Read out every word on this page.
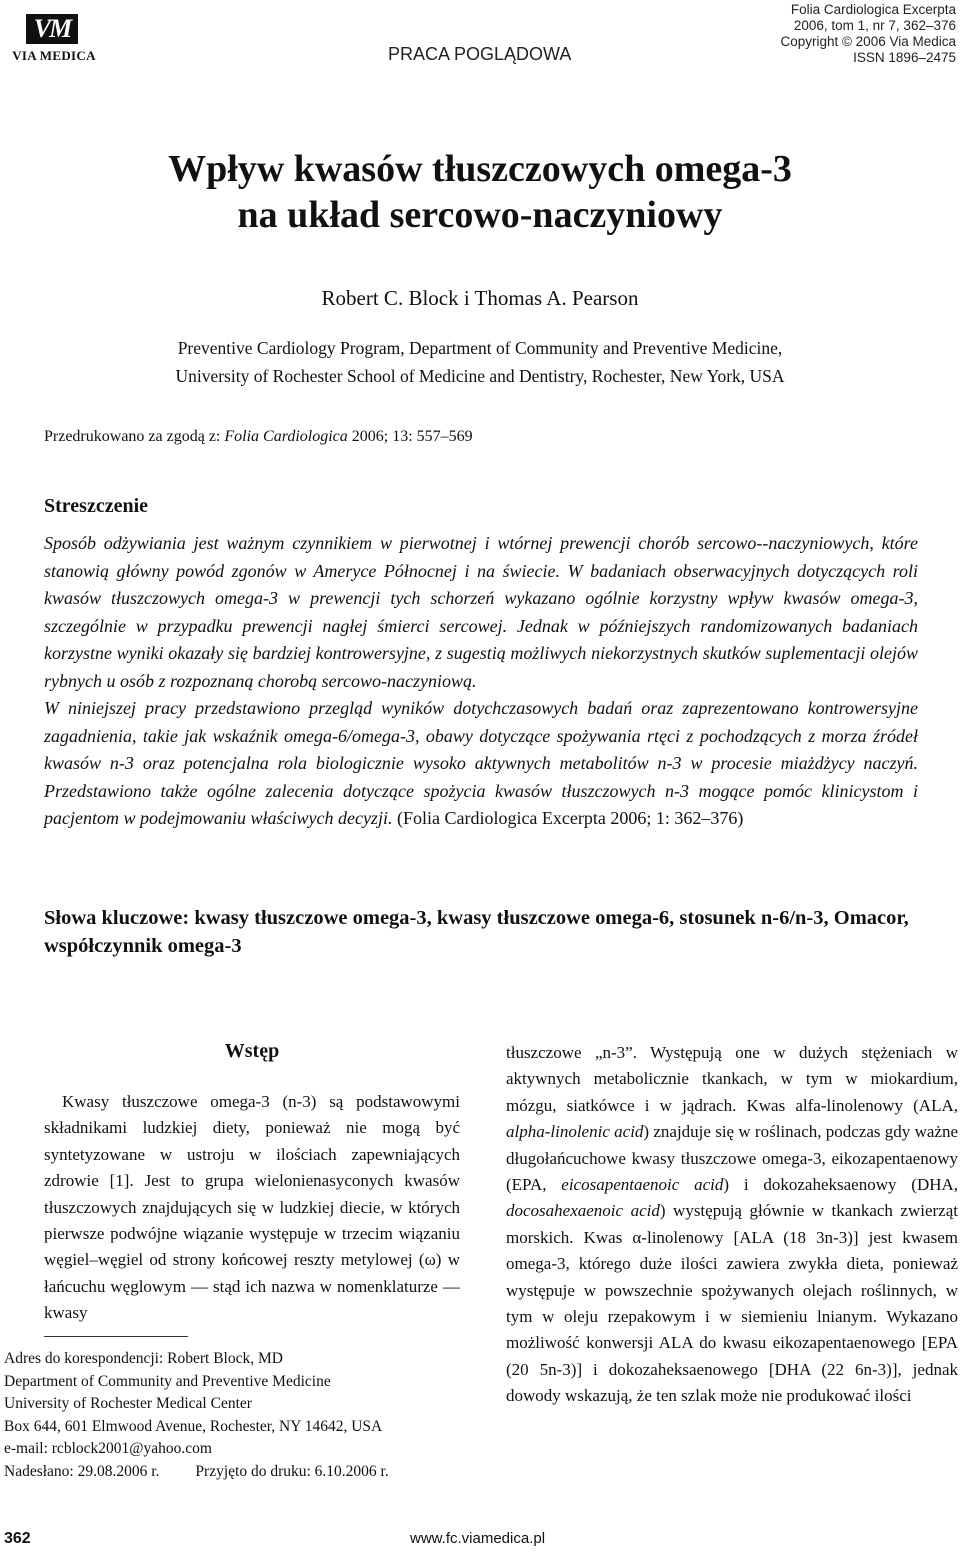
VM
VIA MEDICA	PRACA POGLĄDOWA
Folia Cardiologica Excerpta
2006, tom 1, nr 7, 362–376
Copyright © 2006 Via Medica
ISSN 1896–2475
Wpływ kwasów tłuszczowych omega-3
na układ sercowo-naczyniowy
Robert C. Block i Thomas A. Pearson
Preventive Cardiology Program, Department of Community and Preventive Medicine,
University of Rochester School of Medicine and Dentistry, Rochester, New York, USA
Przedrukowano za zgodą z: Folia Cardiologica 2006; 13: 557–569
Streszczenie

Sposób odżywiania jest ważnym czynnikiem w pierwotnej i wtórnej prewencji chorób sercowo--naczyniowych, które stanowią główny powód zgonów w Ameryce Północnej i na świecie. W badaniach obserwacyjnych dotyczących roli kwasów tłuszczowych omega-3 w prewencji tych schorzeń wykazano ogólnie korzystny wpływ kwasów omega-3, szczególnie w przypadku prewencji nagłej śmierci sercowej. Jednak w późniejszych randomizowanych badaniach korzystne wyniki okazały się bardziej kontrowersyjne, z sugestią możliwych niekorzystnych skutków suplementacji olejów rybnych u osób z rozpoznaną chorobą sercowo-naczyniową.

W niniejszej pracy przedstawiono przegląd wyników dotychczasowych badań oraz zaprezentowano kontrowersyjne zagadnienia, takie jak wskaźnik omega-6/omega-3, obawy dotyczące spożywania rtęci z pochodzących z morza źródeł kwasów n-3 oraz potencjalna rola biologicznie wysoko aktywnych metabolitów n-3 w procesie miażdżycy naczyń. Przedstawiono także ogólne zalecenia dotyczące spożycia kwasów tłuszczowych n-3 mogące pomóc klinicystom i pacjentom w podejmowaniu właściwych decyzji. (Folia Cardiologica Excerpta 2006; 1: 362–376)

Słowa kluczowe: kwasy tłuszczowe omega-3, kwasy tłuszczowe omega-6, stosunek n-6/n-3, Omacor, współczynnik omega-3
Wstęp

Kwasy tłuszczowe omega-3 (n-3) są podstawowymi składnikami ludzkiej diety, ponieważ nie mogą być syntetyzowane w ustroju w ilościach zapewniających zdrowie [1]. Jest to grupa wielonienasyconych kwasów tłuszczowych znajdujących się w ludzkiej diecie, w których pierwsze podwójne wiązanie występuje w trzecim wiązaniu węgiel–węgiel od strony końcowej reszty metylowej (ω) w łańcuchu węglowym — stąd ich nazwa w nomenklaturze — kwasy

Adres do korespondencji: Robert Block, MD
Department of Community and Preventive Medicine
University of Rochester Medical Center
Box 644, 601 Elmwood Avenue, Rochester, NY 14642, USA
e-mail: rcblock2001@yahoo.com
Nadesłano: 29.08.2006 r. Przyjęto do druku: 6.10.2006 r.

tłuszczowe „n-3”. Występują one w dużych stężeniach w aktywnych metabolicznie tkankach, w tym w miokardium, mózgu, siatkówce i w jądrach. Kwas alfa-linolenowy (ALA, alpha-linolenic acid) znajduje się w roślinach, podczas gdy ważne długołańcuchowe kwasy tłuszczowe omega-3, eikozapentaenowy (EPA, eicosapentaenoic acid) i dokozaheksaenowy (DHA, docosahexaenoic acid) występują głównie w tkankach zwierząt morskich. Kwas α-linolenowy [ALA (18 3n-3)] jest kwasem omega-3, którego duże ilości zawiera zwykła dieta, ponieważ występuje w powszechnie spożywanych olejach roślinnych, w tym w oleju rzepakowym i w siemieniu lnianym. Wykazano możliwość konwersji ALA do kwasu eikozapentaenowego [EPA (20 5n-3)] i dokozaheksaenowego [DHA (22 6n-3)], jednak dowody wskazują, że ten szlak może nie produkować ilości

362	www.fc.viamedica.pl
